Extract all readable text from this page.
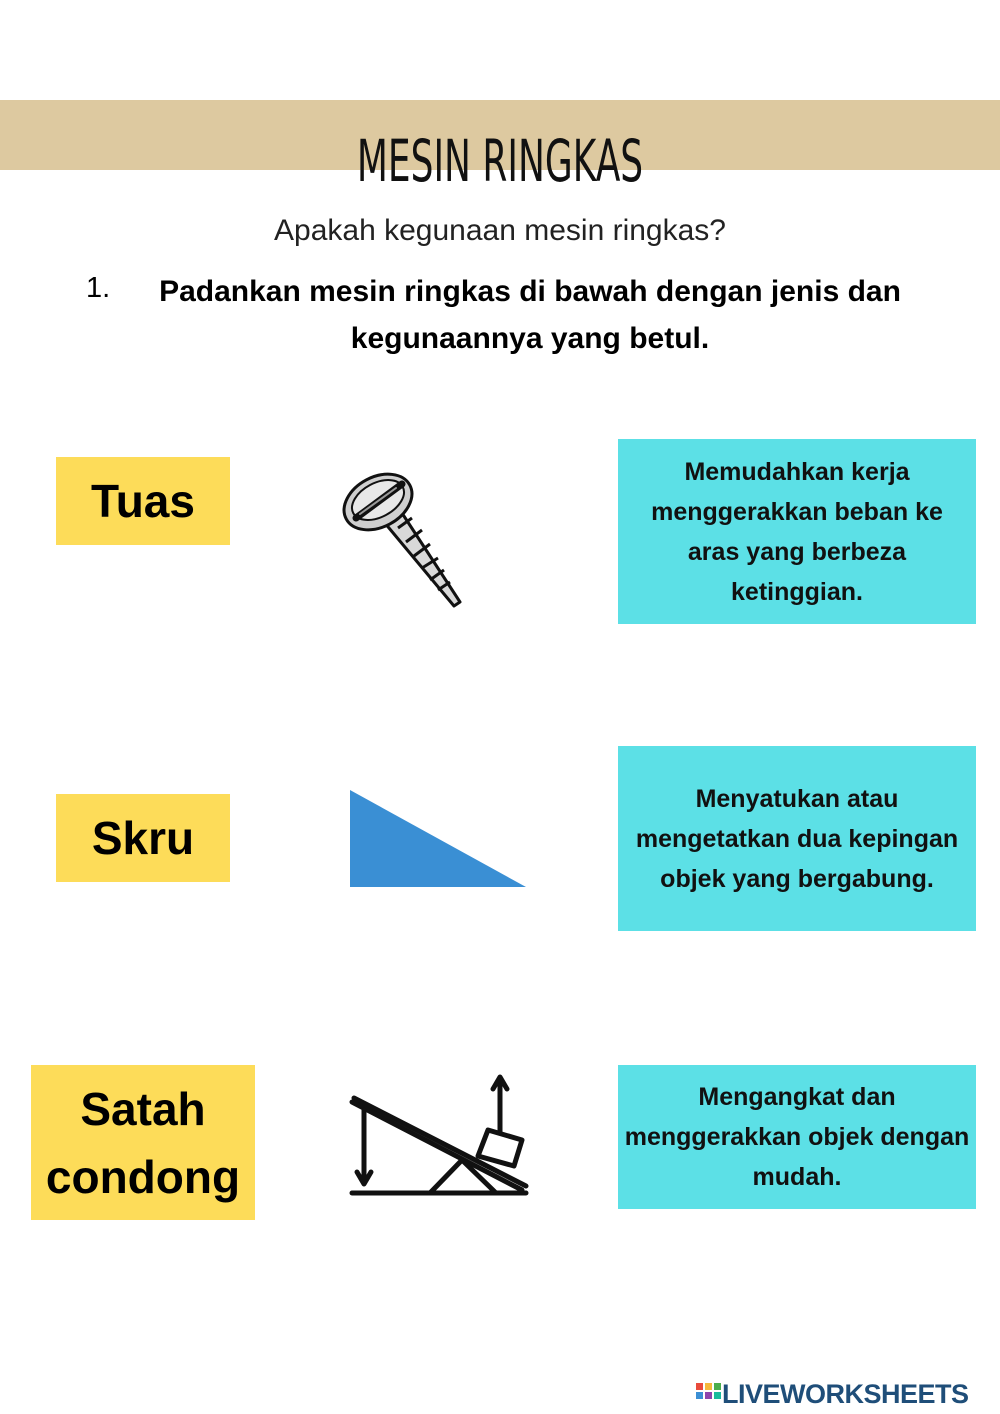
MESIN RINGKAS
Apakah kegunaan mesin ringkas?
1.	Padankan mesin ringkas di bawah dengan jenis dan kegunaannya yang betul.
Tuas
Memudahkan kerja menggerakkan beban ke aras yang berbeza ketinggian.
Skru
Menyatukan atau mengetatkan dua kepingan objek yang bergabung.
Satah condong
Mengangkat dan menggerakkan objek dengan mudah.
LIVEWORKSHEETS
